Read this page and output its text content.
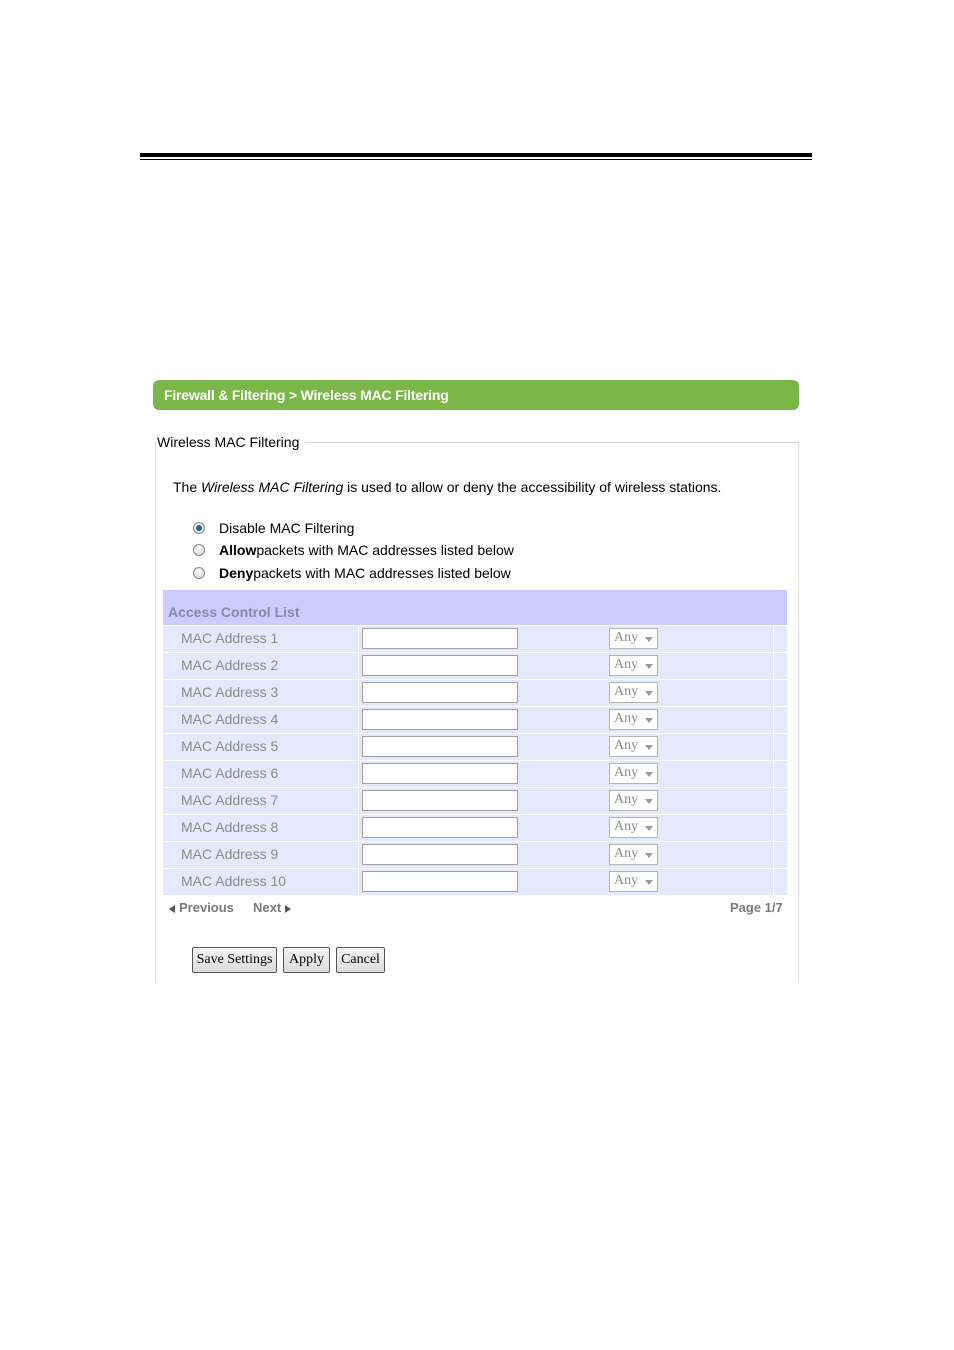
Firewall & Filtering > Wireless MAC Filtering
Wireless MAC Filtering
The Wireless MAC Filtering is used to allow or deny the accessibility of wireless stations.
Disable MAC Filtering
Allow packets with MAC addresses listed below
Deny packets with MAC addresses listed below
Access Control List
MAC Address 1	Any
MAC Address 2	Any
MAC Address 3	Any
MAC Address 4	Any
MAC Address 5	Any
MAC Address 6	Any
MAC Address 7	Any
MAC Address 8	Any
MAC Address 9	Any
MAC Address 10	Any
Previous Next	Page 1/7
Save Settings	Apply	Cancel
